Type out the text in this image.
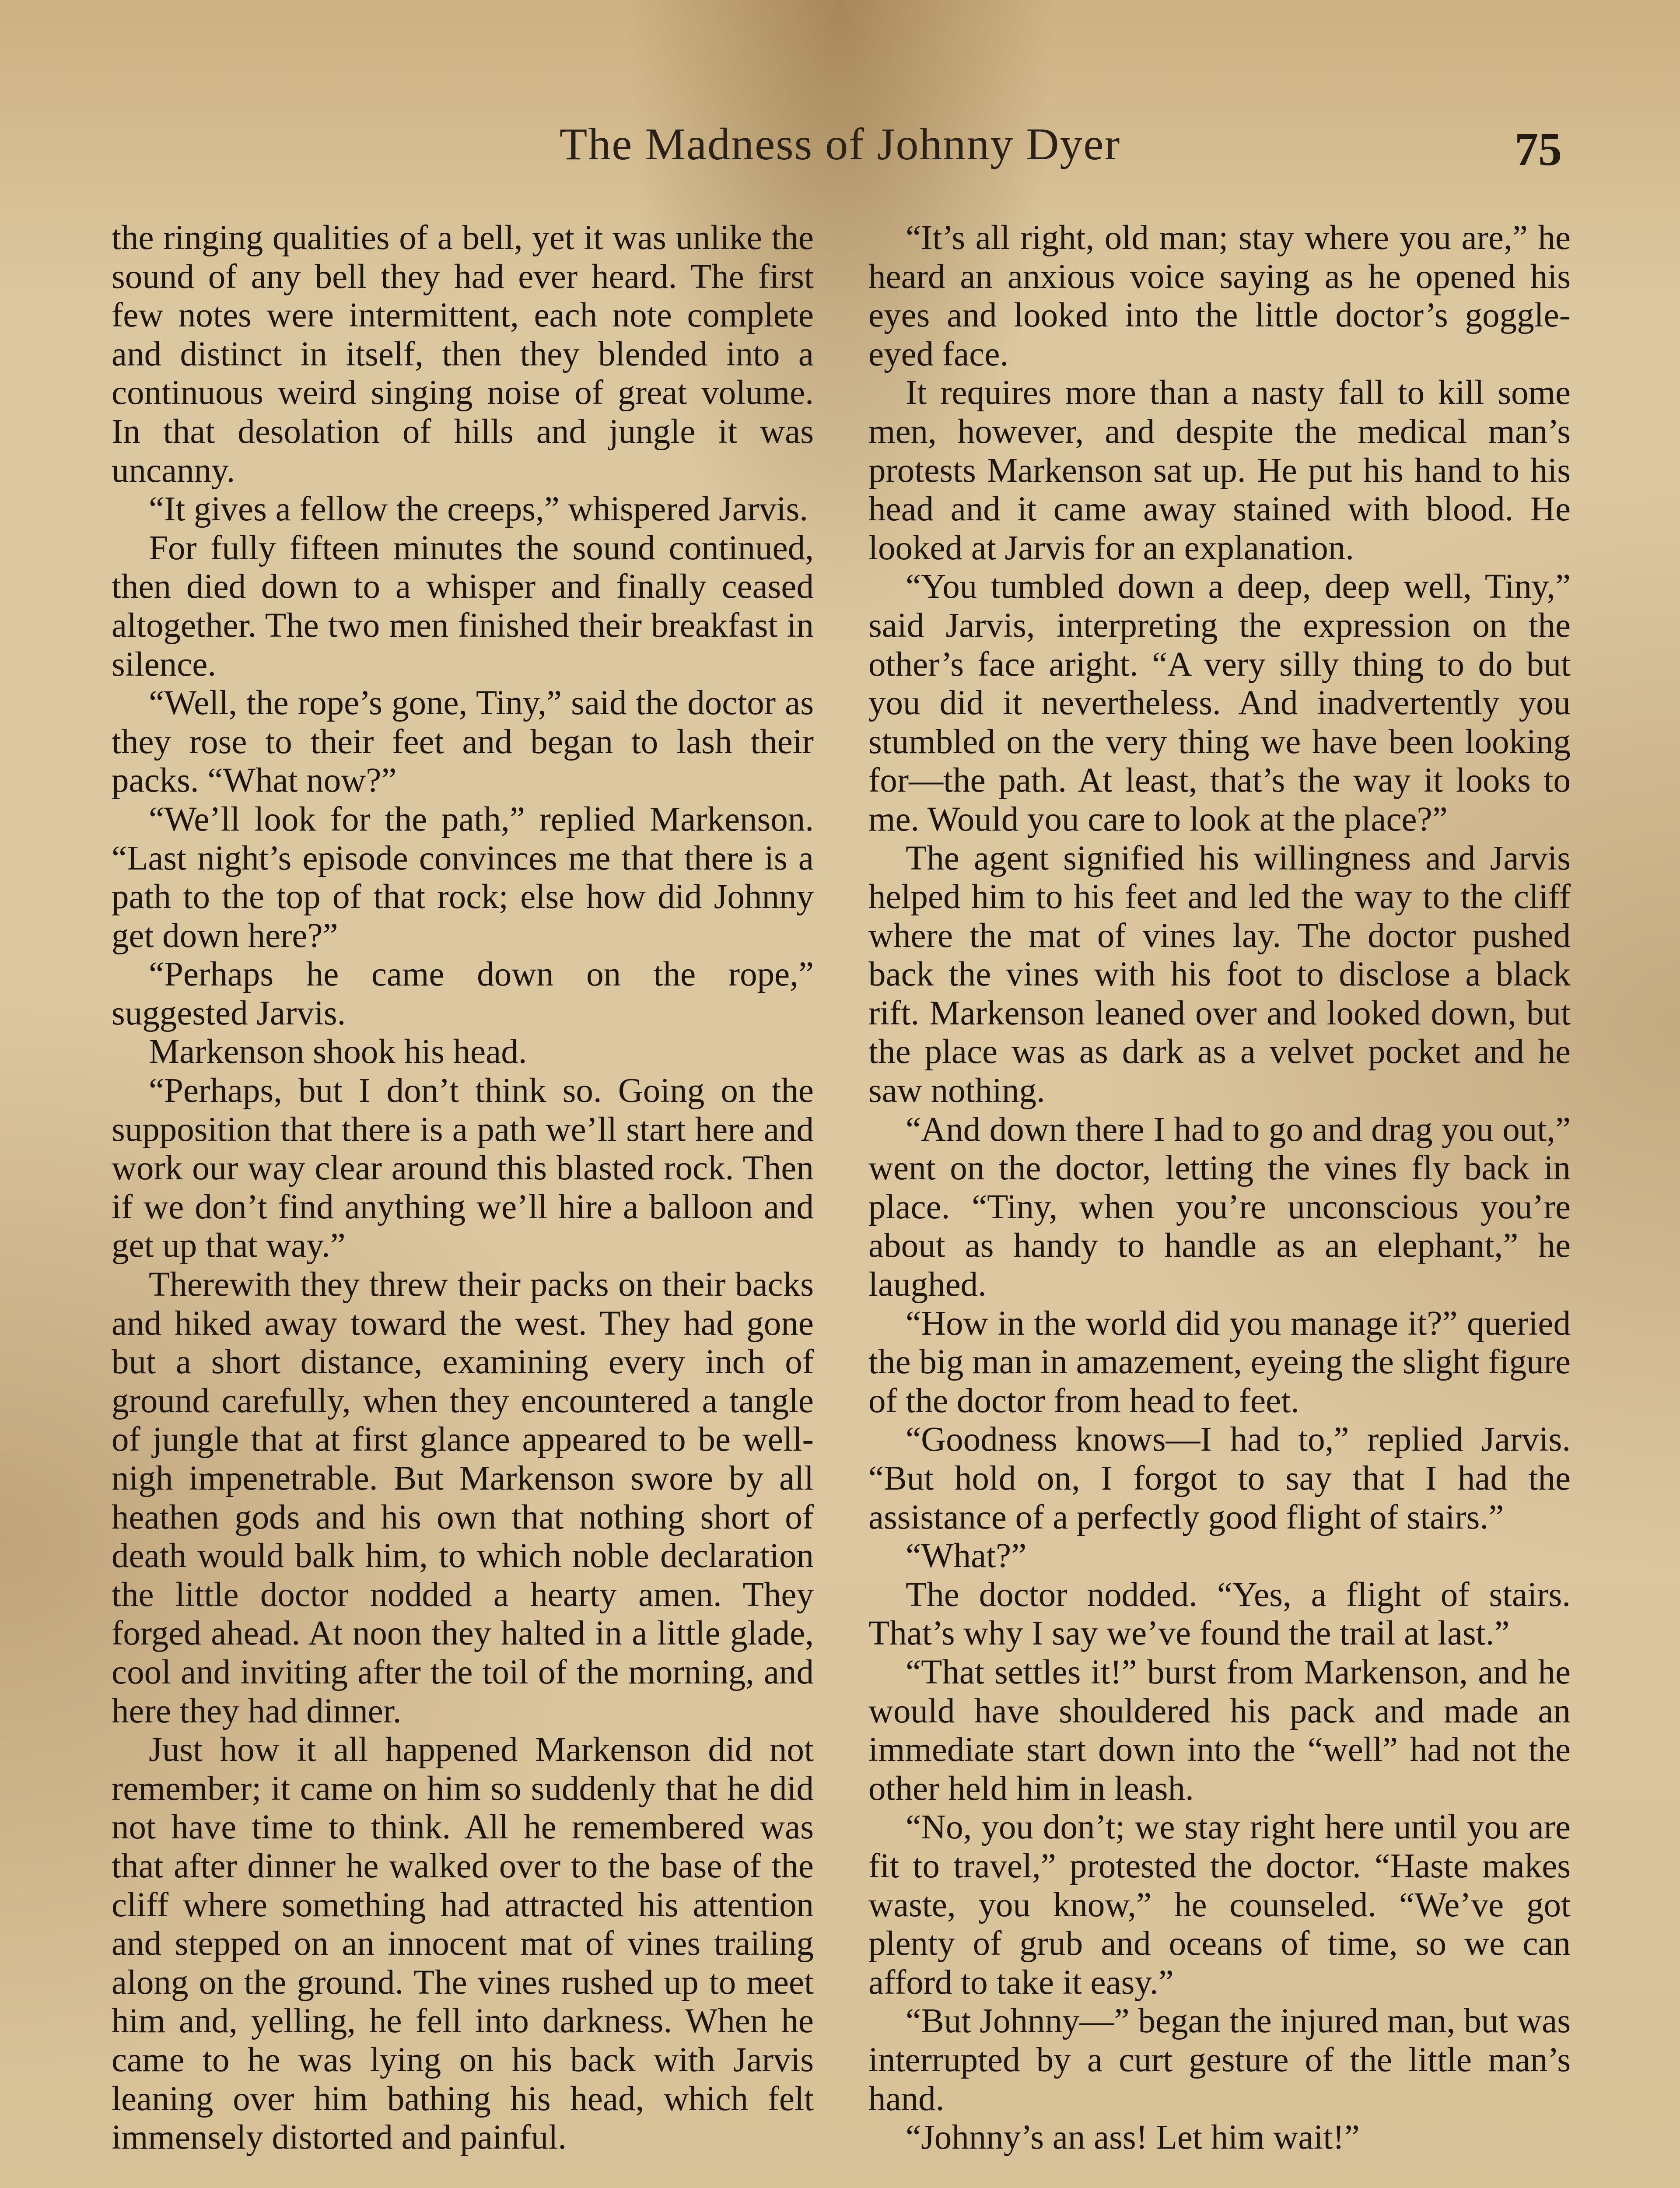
The Madness of Johnny Dyer	75

the ringing qualities of a bell, yet it was unlike the sound of any bell they had ever heard. The first few notes were intermittent, each note complete and distinct in itself, then they blended into a continuous weird singing noise of great volume. In that desolation of hills and jungle it was uncanny.

“It gives a fellow the creeps,” whispered Jarvis.

For fully fifteen minutes the sound continued, then died down to a whisper and finally ceased altogether. The two men finished their breakfast in silence.

“Well, the rope’s gone, Tiny,” said the doctor as they rose to their feet and began to lash their packs. “What now?”

“We’ll look for the path,” replied Markenson. “Last night’s episode convinces me that there is a path to the top of that rock; else how did Johnny get down here?”

“Perhaps he came down on the rope,” suggested Jarvis.

Markenson shook his head.

“Perhaps, but I don’t think so. Going on the supposition that there is a path we’ll start here and work our way clear around this blasted rock. Then if we don’t find anything we’ll hire a balloon and get up that way.”

Therewith they threw their packs on their backs and hiked away toward the west. They had gone but a short distance, examining every inch of ground carefully, when they encountered a tangle of jungle that at first glance appeared to be well-nigh impenetrable. But Markenson swore by all heathen gods and his own that nothing short of death would balk him, to which noble declaration the little doctor nodded a hearty amen. They forged ahead. At noon they halted in a little glade, cool and inviting after the toil of the morning, and here they had dinner.

Just how it all happened Markenson did not remember; it came on him so suddenly that he did not have time to think. All he remembered was that after dinner he walked over to the base of the cliff where something had attracted his attention and stepped on an innocent mat of vines trailing along on the ground. The vines rushed up to meet him and, yelling, he fell into darkness. When he came to he was lying on his back with Jarvis leaning over him bathing his head, which felt immensely distorted and painful.

“It’s all right, old man; stay where you are,” he heard an anxious voice saying as he opened his eyes and looked into the little doctor’s goggle-eyed face.

It requires more than a nasty fall to kill some men, however, and despite the medical man’s protests Markenson sat up. He put his hand to his head and it came away stained with blood. He looked at Jarvis for an explanation.

“You tumbled down a deep, deep well, Tiny,” said Jarvis, interpreting the expression on the other’s face aright. “A very silly thing to do but you did it nevertheless. And inadvertently you stumbled on the very thing we have been looking for—the path. At least, that’s the way it looks to me. Would you care to look at the place?”

The agent signified his willingness and Jarvis helped him to his feet and led the way to the cliff where the mat of vines lay. The doctor pushed back the vines with his foot to disclose a black rift. Markenson leaned over and looked down, but the place was as dark as a velvet pocket and he saw nothing.

“And down there I had to go and drag you out,” went on the doctor, letting the vines fly back in place. “Tiny, when you’re unconscious you’re about as handy to handle as an elephant,” he laughed.

“How in the world did you manage it?” queried the big man in amazement, eyeing the slight figure of the doctor from head to feet.

“Goodness knows—I had to,” replied Jarvis. “But hold on, I forgot to say that I had the assistance of a perfectly good flight of stairs.”

“What?”

The doctor nodded. “Yes, a flight of stairs. That’s why I say we’ve found the trail at last.”

“That settles it!” burst from Markenson, and he would have shouldered his pack and made an immediate start down into the “well” had not the other held him in leash.

“No, you don’t; we stay right here until you are fit to travel,” protested the doctor. “Haste makes waste, you know,” he counseled. “We’ve got plenty of grub and oceans of time, so we can afford to take it easy.”

“But Johnny—” began the injured man, but was interrupted by a curt gesture of the little man’s hand.

“Johnny’s an ass! Let him wait!”
